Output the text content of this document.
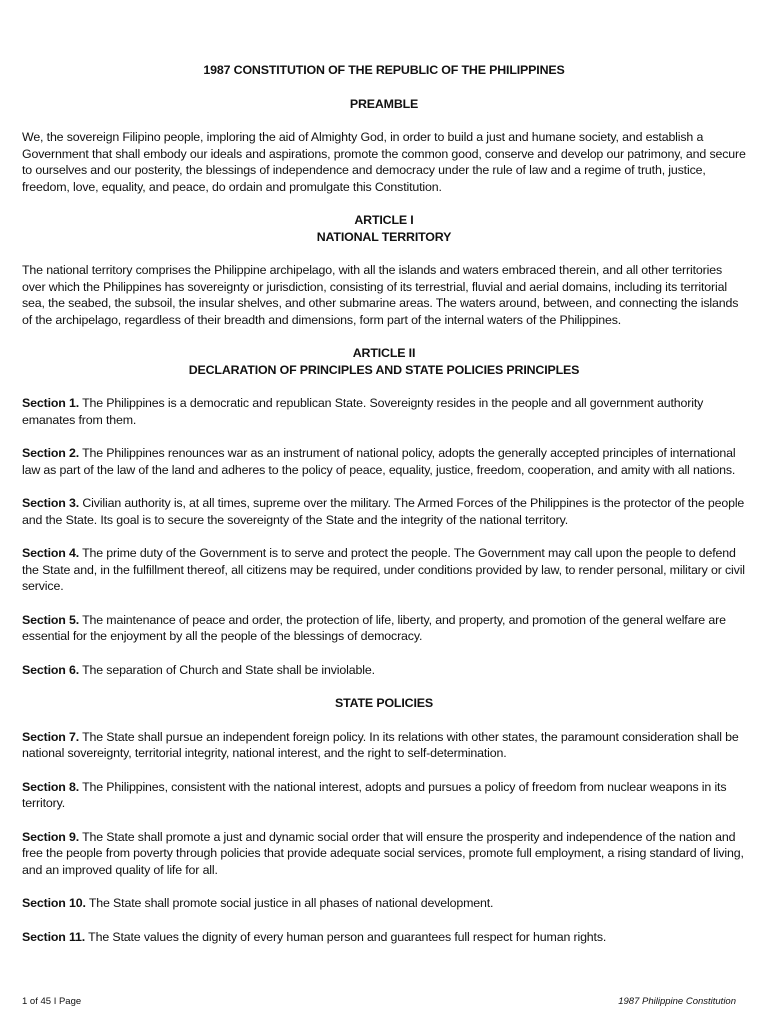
1987 CONSTITUTION OF THE REPUBLIC OF THE PHILIPPINES

PREAMBLE

We, the sovereign Filipino people, imploring the aid of Almighty God, in order to build a just and humane society, and establish a Government that shall embody our ideals and aspirations, promote the common good, conserve and develop our patrimony, and secure to ourselves and our posterity, the blessings of independence and democracy under the rule of law and a regime of truth, justice, freedom, love, equality, and peace, do ordain and promulgate this Constitution.

ARTICLE I

NATIONAL TERRITORY

The national territory comprises the Philippine archipelago, with all the islands and waters embraced therein, and all other territories over which the Philippines has sovereignty or jurisdiction, consisting of its terrestrial, fluvial and aerial domains, including its territorial sea, the seabed, the subsoil, the insular shelves, and other submarine areas. The waters around, between, and connecting the islands of the archipelago, regardless of their breadth and dimensions, form part of the internal waters of the Philippines.

ARTICLE II

DECLARATION OF PRINCIPLES AND STATE POLICIES PRINCIPLES

Section 1. The Philippines is a democratic and republican State. Sovereignty resides in the people and all government authority emanates from them.

Section 2. The Philippines renounces war as an instrument of national policy, adopts the generally accepted principles of international law as part of the law of the land and adheres to the policy of peace, equality, justice, freedom, cooperation, and amity with all nations.

Section 3. Civilian authority is, at all times, supreme over the military. The Armed Forces of the Philippines is the protector of the people and the State. Its goal is to secure the sovereignty of the State and the integrity of the national territory.

Section 4. The prime duty of the Government is to serve and protect the people. The Government may call upon the people to defend the State and, in the fulfillment thereof, all citizens may be required, under conditions provided by law, to render personal, military or civil service.

Section 5. The maintenance of peace and order, the protection of life, liberty, and property, and promotion of the general welfare are essential for the enjoyment by all the people of the blessings of democracy.

Section 6. The separation of Church and State shall be inviolable.

STATE POLICIES

Section 7. The State shall pursue an independent foreign policy. In its relations with other states, the paramount consideration shall be national sovereignty, territorial integrity, national interest, and the right to self-determination.

Section 8. The Philippines, consistent with the national interest, adopts and pursues a policy of freedom from nuclear weapons in its territory.

Section 9. The State shall promote a just and dynamic social order that will ensure the prosperity and independence of the nation and free the people from poverty through policies that provide adequate social services, promote full employment, a rising standard of living, and an improved quality of life for all.

Section 10. The State shall promote social justice in all phases of national development.

Section 11. The State values the dignity of every human person and guarantees full respect for human rights.

1 of 45 I Page	1987 Philippine Constitution
